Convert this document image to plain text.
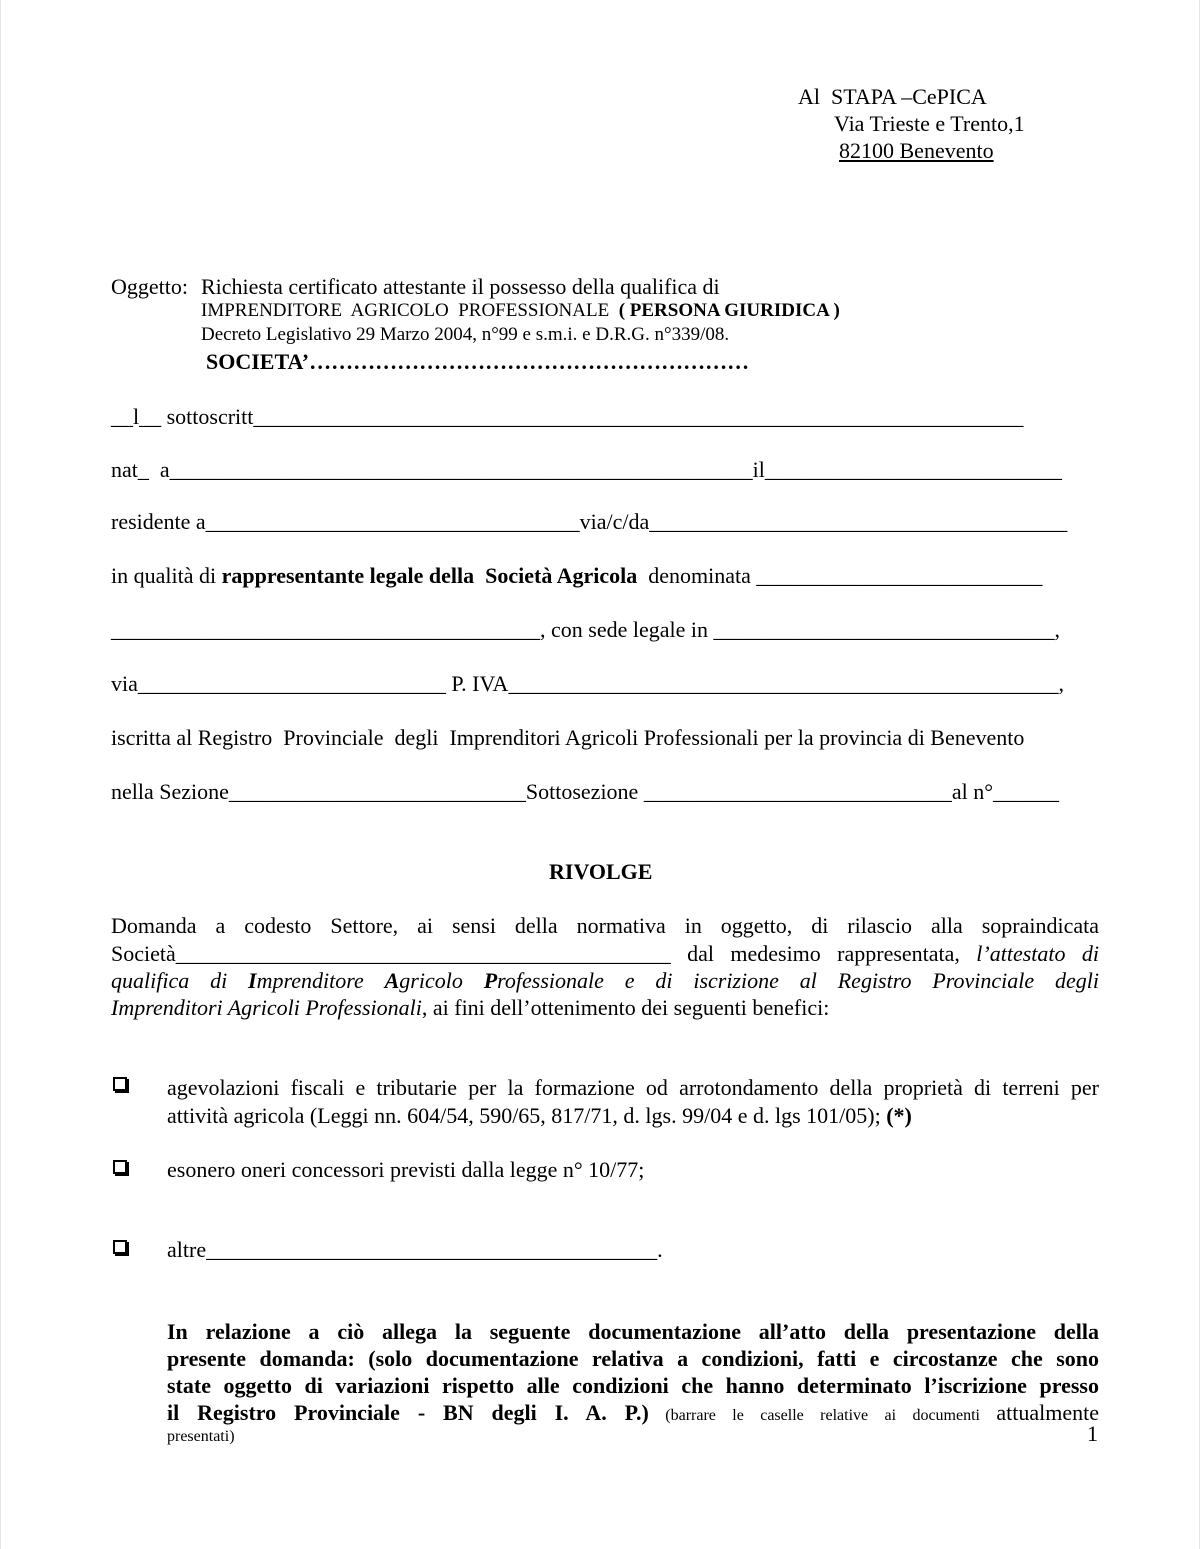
Al  STAPA –CePICA
Via Trieste e Trento,1
82100 Benevento
Oggetto: Richiesta certificato attestante il possesso della qualifica di
IMPRENDITORE  AGRICOLO  PROFESSIONALE  ( PERSONA GIURIDICA )
Decreto Legislativo 29 Marzo 2004, n°99 e s.m.i. e D.R.G. n°339/08.
SOCIETA’……………………………………………………
__l__ sottoscritt______________________________________________________________________
nat_  a_____________________________________________________il___________________________
residente a__________________________________via/c/da______________________________________
in qualità di rappresentante legale della  Società Agricola  denominata __________________________
_______________________________________, con sede legale in _______________________________,
via____________________________ P. IVA__________________________________________________,
iscritta al Registro  Provinciale  degli  Imprenditori Agricoli Professionali per la provincia di Benevento
nella Sezione___________________________Sottosezione ____________________________al n°______
RIVOLGE
Domanda a codesto Settore, ai sensi della normativa in oggetto, di rilascio alla sopraindicata
Società_____________________________________________ dal medesimo rappresentata, l’attestato di
qualifica di Imprenditore Agricolo Professionale e di iscrizione al Registro Provinciale degli
Imprenditori Agricoli Professionali, ai fini dell’ottenimento dei seguenti benefici:
agevolazioni fiscali e tributarie per la formazione od arrotondamento della proprietà di terreni per
attività agricola (Leggi nn. 604/54, 590/65, 817/71, d. lgs. 99/04 e d. lgs 101/05); (*)
esonero oneri concessori previsti dalla legge n° 10/77;
altre_________________________________________.
In relazione a ciò allega la seguente documentazione all’atto della presentazione della
presente domanda: (solo documentazione relativa a condizioni, fatti e circostanze che sono
state oggetto di variazioni rispetto alle condizioni che hanno determinato l’iscrizione presso
il Registro Provinciale - BN degli I. A. P.) (barrare le caselle relative ai documenti attualmente
presentati)	1
